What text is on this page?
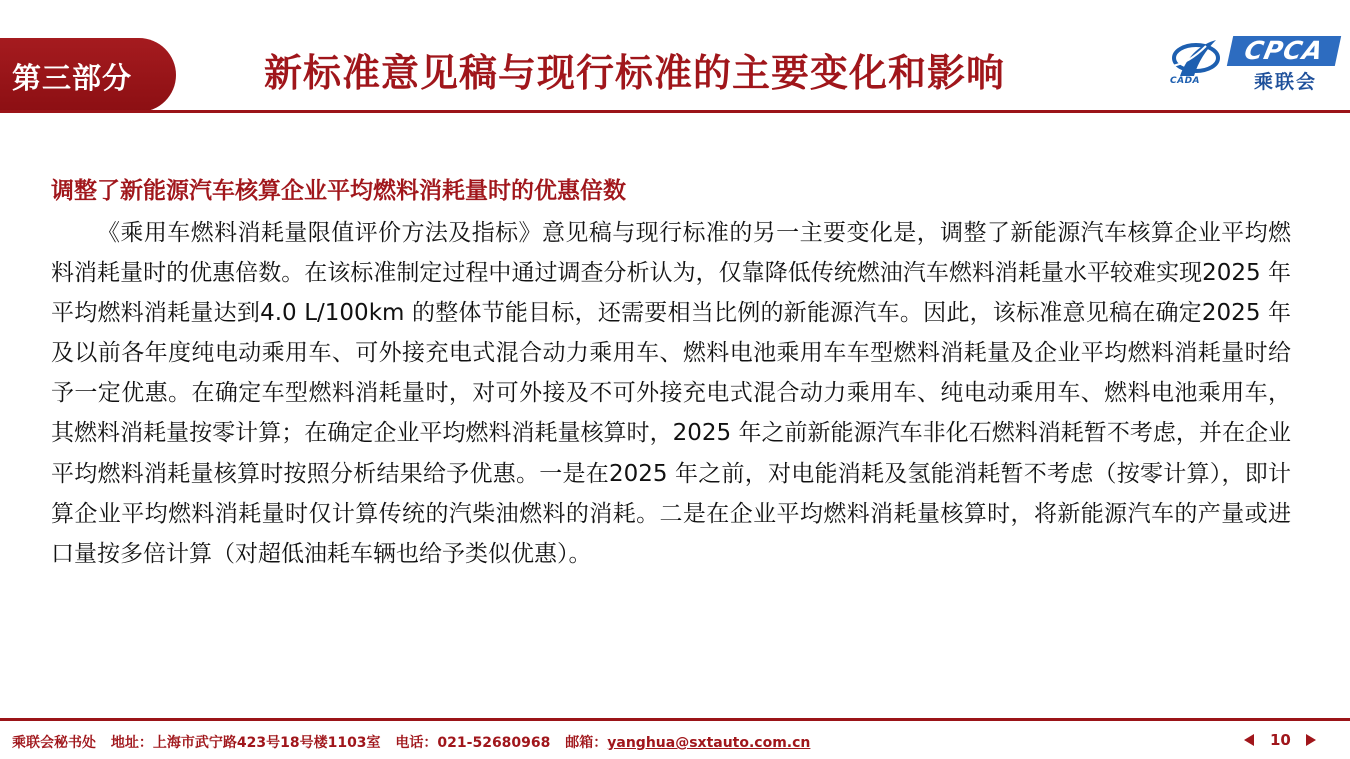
第三部分	新标准意见稿与现行标准的主要变化和影响	CADA
CPCA
乘联会
调整了新能源汽车核算企业平均燃料消耗量时的优惠倍数

《乘用车燃料消耗量限值评价方法及指标》意见稿与现行标准的另一主要变化是，调整了新能源汽车核算企业平均燃料消耗量时的优惠倍数。在该标准制定过程中通过调查分析认为，仅靠降低传统燃油汽车燃料消耗量水平较难实现2025 年平均燃料消耗量达到4.0 L/100km 的整体节能目标，还需要相当比例的新能源汽车。因此，该标准意见稿在确定2025 年及以前各年度纯电动乘用车、可外接充电式混合动力乘用车、燃料电池乘用车车型燃料消耗量及企业平均燃料消耗量时给予一定优惠。在确定车型燃料消耗量时，对可外接及不可外接充电式混合动力乘用车、纯电动乘用车、燃料电池乘用车，其燃料消耗量按零计算；在确定企业平均燃料消耗量核算时，2025 年之前新能源汽车非化石燃料消耗暂不考虑，并在企业平均燃料消耗量核算时按照分析结果给予优惠。一是在2025 年之前，对电能消耗及氢能消耗暂不考虑（按零计算），即计算企业平均燃料消耗量时仅计算传统的汽柴油燃料的消耗。二是在企业平均燃料消耗量核算时，将新能源汽车的产量或进口量按多倍计算（对超低油耗车辆也给予类似优惠）。

乘联会秘书处 地址：上海市武宁路423号18号楼1103室 电话：021-52680968 邮箱：yanghua@sxtauto.com.cn	10
